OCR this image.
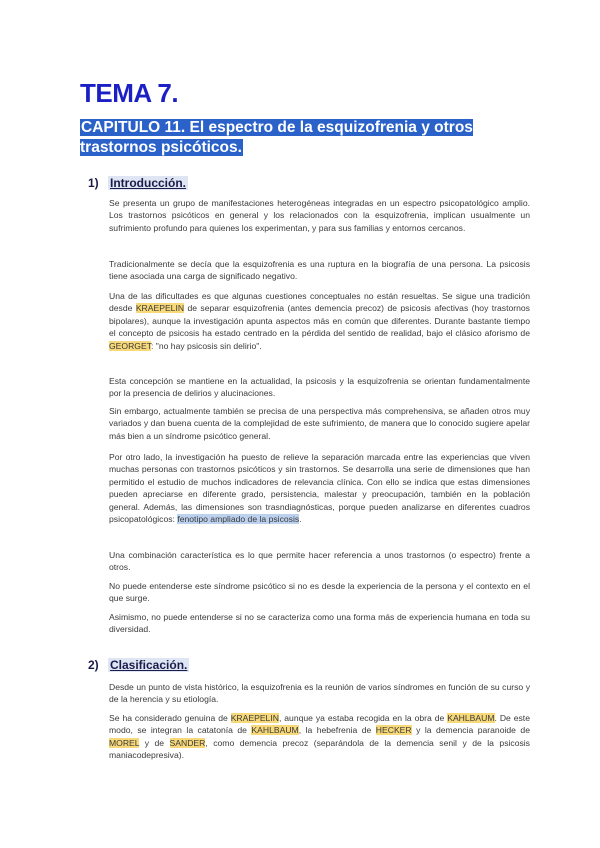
TEMA 7.
CAPITULO 11. El espectro de la esquizofrenia y otros trastornos psicóticos.
1) Introducción.

Se presenta un grupo de manifestaciones heterogéneas integradas en un espectro psicopatológico amplio. Los trastornos psicóticos en general y los relacionados con la esquizofrenia, implican usualmente un sufrimiento profundo para quienes los experimentan, y para sus familias y entornos cercanos.

Tradicionalmente se decía que la esquizofrenia es una ruptura en la biografía de una persona. La psicosis tiene asociada una carga de significado negativo.

Una de las dificultades es que algunas cuestiones conceptuales no están resueltas. Se sigue una tradición desde KRAEPELIN de separar esquizofrenia (antes demencia precoz) de psicosis afectivas (hoy trastornos bipolares), aunque la investigación apunta aspectos más en común que diferentes. Durante bastante tiempo el concepto de psicosis ha estado centrado en la pérdida del sentido de realidad, bajo el clásico aforismo de GEORGET: "no hay psicosis sin delirio".

Esta concepción se mantiene en la actualidad, la psicosis y la esquizofrenia se orientan fundamentalmente por la presencia de delirios y alucinaciones.

Sin embargo, actualmente también se precisa de una perspectiva más comprehensiva, se añaden otros muy variados y dan buena cuenta de la complejidad de este sufrimiento, de manera que lo conocido sugiere apelar más bien a un síndrome psicótico general.

Por otro lado, la investigación ha puesto de relieve la separación marcada entre las experiencias que viven muchas personas con trastornos psicóticos y sin trastornos. Se desarrolla una serie de dimensiones que han permitido el estudio de muchos indicadores de relevancia clínica. Con ello se indica que estas dimensiones pueden apreciarse en diferente grado, persistencia, malestar y preocupación, también en la población general. Además, las dimensiones son trasndiagnósticas, porque pueden analizarse en diferentes cuadros psicopatológicos: fenotipo ampliado de la psicosis.

Una combinación característica es lo que permite hacer referencia a unos trastornos (o espectro) frente a otros.

No puede entenderse este síndrome psicótico si no es desde la experiencia de la persona y el contexto en el que surge.

Asimismo, no puede entenderse si no se caracteriza como una forma más de experiencia humana en toda su diversidad.

2) Clasificación.

Desde un punto de vista histórico, la esquizofrenia es la reunión de varios síndromes en función de su curso y de la herencia y su etiología.

Se ha considerado genuina de KRAEPELIN, aunque ya estaba recogida en la obra de KAHLBAUM. De este modo, se integran la catatonía de KAHLBAUM, la hebefrenia de HECKER y la demencia paranoide de MOREL y de SANDER, como demencia precoz (separándola de la demencia senil y de la psicosis maniacodepresiva).
